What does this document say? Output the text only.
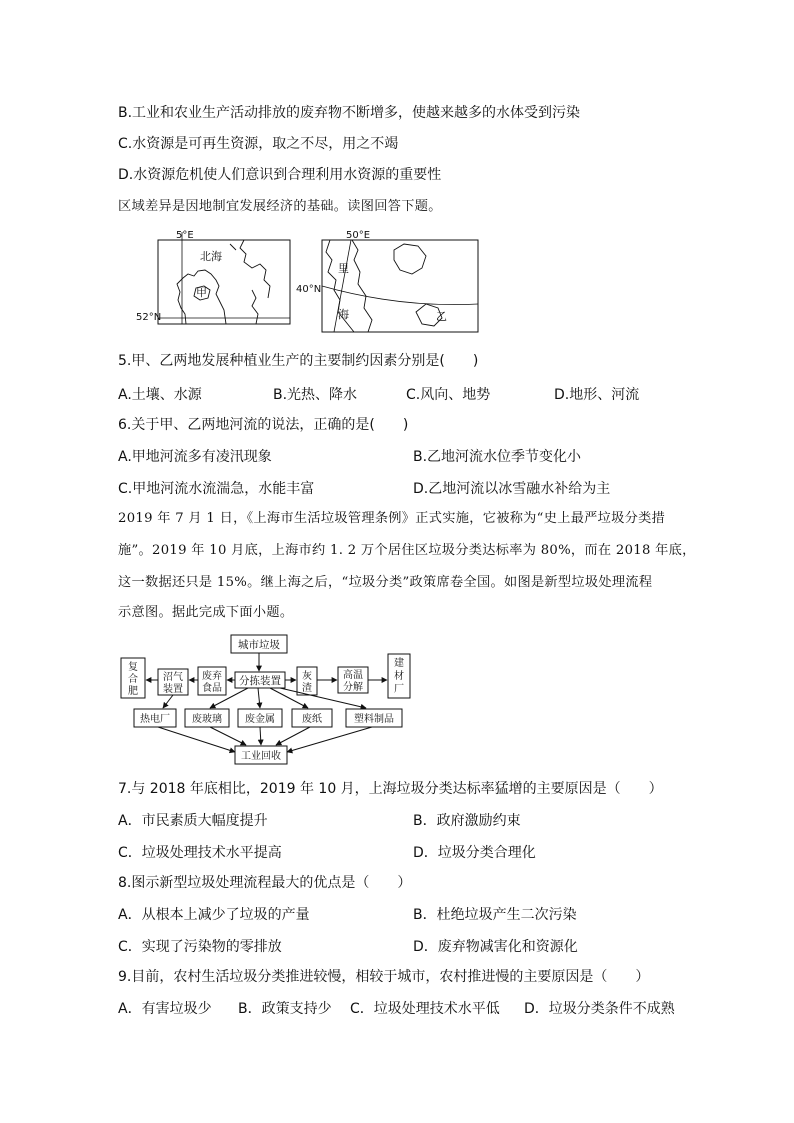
B.工业和农业生产活动排放的废弃物不断增多，使越来越多的水体受到污染
C.水资源是可再生资源，取之不尽，用之不竭
D.水资源危机使人们意识到合理利用水资源的重要性
区域差异是因地制宜发展经济的基础。读图回答下题。
5°E
北海
甲
52°N
50°E
40°N
里
海	乙
5.甲、乙两地发展种植业生产的主要制约因素分别是(　　)
A.土壤、水源	B.光热、降水	C.风向、地势	D.地形、河流
6.关于甲、乙两地河流的说法，正确的是(　　)
A.甲地河流多有凌汛现象	B.乙地河流水位季节变化小
C.甲地河流水流湍急，水能丰富	D.乙地河流以冰雪融水补给为主
2019 年 7 月 1 日，《上海市生活垃圾管理条例》正式实施，它被称为“史上最严垃圾分类措
施”。2019 年 10 月底，上海市约 1. 2 万个居住区垃圾分类达标率为 80%，而在 2018 年底，
这一数据还只是 15%。继上海之后，“垃圾分类”政策席卷全国。如图是新型垃圾处理流程
示意图。据此完成下面小题。
城市垃圾
分拣装置
废弃
食品
沼气
装置
复
合
肥
灰
渣
高温
分解
建
材
厂
热电厂 废玻璃 废金属	废纸	塑料制品
工业回收
7.与 2018 年底相比，2019 年 10 月，上海垃圾分类达标率猛增的主要原因是（　　）
A．市民素质大幅度提升	B．政府激励约束
C．垃圾处理技术水平提高	D．垃圾分类合理化
8.图示新型垃圾处理流程最大的优点是（　　）
A．从根本上减少了垃圾的产量	B．杜绝垃圾产生二次污染
C．实现了污染物的零排放	D．废弃物减害化和资源化
9.目前，农村生活垃圾分类推进较慢，相较于城市，农村推进慢的主要原因是（　　）
A．有害垃圾少 B．政策支持少 C．垃圾处理技术水平低 D．垃圾分类条件不成熟
